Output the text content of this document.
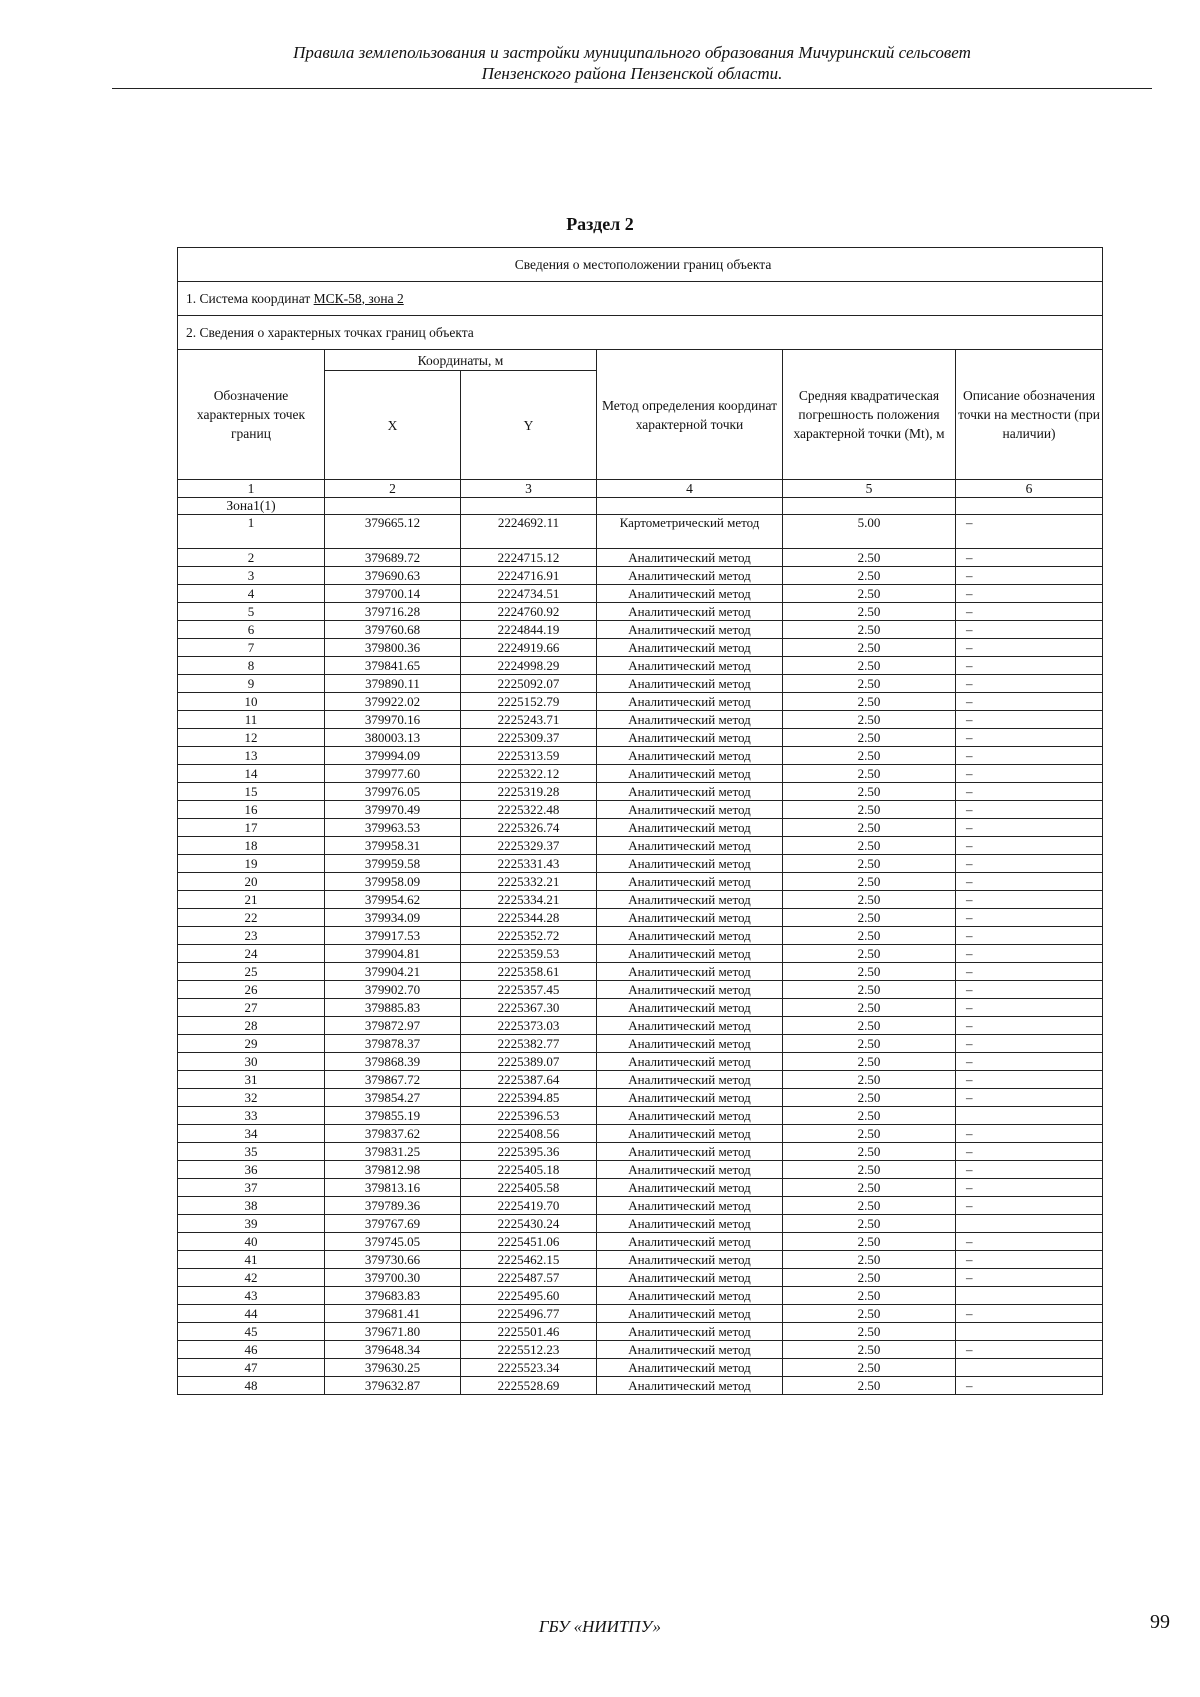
Правила землепользования и застройки муниципального образования Мичуринский сельсовет
Пензенского района Пензенской области.
Раздел 2
Сведения о местоположении границ объекта					
1. Система координат МСК-58, зона 2					
2. Сведения о характерных точках границ объекта					
Обозначение характерных точек границ	Координаты, м		Метод определения координат характерной точки	Средняя квадратическая погрешность положения характерной точки (Mt), м	Описание обозначения точки на местности (при наличии)
	X	Y			
1	2	3	4	5	6
Зона1(1)					
1	379665.12	2224692.11	Картометрический метод	5.00	–
2	379689.72	2224715.12	Аналитический метод	2.50	–
3	379690.63	2224716.91	Аналитический метод	2.50	–
4	379700.14	2224734.51	Аналитический метод	2.50	–
5	379716.28	2224760.92	Аналитический метод	2.50	–
6	379760.68	2224844.19	Аналитический метод	2.50	–
7	379800.36	2224919.66	Аналитический метод	2.50	–
8	379841.65	2224998.29	Аналитический метод	2.50	–
9	379890.11	2225092.07	Аналитический метод	2.50	–
10	379922.02	2225152.79	Аналитический метод	2.50	–
11	379970.16	2225243.71	Аналитический метод	2.50	–
12	380003.13	2225309.37	Аналитический метод	2.50	–
13	379994.09	2225313.59	Аналитический метод	2.50	–
14	379977.60	2225322.12	Аналитический метод	2.50	–
15	379976.05	2225319.28	Аналитический метод	2.50	–
16	379970.49	2225322.48	Аналитический метод	2.50	–
17	379963.53	2225326.74	Аналитический метод	2.50	–
18	379958.31	2225329.37	Аналитический метод	2.50	–
19	379959.58	2225331.43	Аналитический метод	2.50	–
20	379958.09	2225332.21	Аналитический метод	2.50	–
21	379954.62	2225334.21	Аналитический метод	2.50	–
22	379934.09	2225344.28	Аналитический метод	2.50	–
23	379917.53	2225352.72	Аналитический метод	2.50	–
24	379904.81	2225359.53	Аналитический метод	2.50	–
25	379904.21	2225358.61	Аналитический метод	2.50	–
26	379902.70	2225357.45	Аналитический метод	2.50	–
27	379885.83	2225367.30	Аналитический метод	2.50	–
28	379872.97	2225373.03	Аналитический метод	2.50	–
29	379878.37	2225382.77	Аналитический метод	2.50	–
30	379868.39	2225389.07	Аналитический метод	2.50	–
31	379867.72	2225387.64	Аналитический метод	2.50	–
32	379854.27	2225394.85	Аналитический метод	2.50	–
33	379855.19	2225396.53	Аналитический метод	2.50	
34	379837.62	2225408.56	Аналитический метод	2.50	–
35	379831.25	2225395.36	Аналитический метод	2.50	–
36	379812.98	2225405.18	Аналитический метод	2.50	–
37	379813.16	2225405.58	Аналитический метод	2.50	–
38	379789.36	2225419.70	Аналитический метод	2.50	–
39	379767.69	2225430.24	Аналитический метод	2.50	
40	379745.05	2225451.06	Аналитический метод	2.50	–
41	379730.66	2225462.15	Аналитический метод	2.50	–
42	379700.30	2225487.57	Аналитический метод	2.50	–
43	379683.83	2225495.60	Аналитический метод	2.50	
44	379681.41	2225496.77	Аналитический метод	2.50	–
45	379671.80	2225501.46	Аналитический метод	2.50	
46	379648.34	2225512.23	Аналитический метод	2.50	–
47	379630.25	2225523.34	Аналитический метод	2.50	
48	379632.87	2225528.69	Аналитический метод	2.50	–
ГБУ «НИИТПУ»	99
